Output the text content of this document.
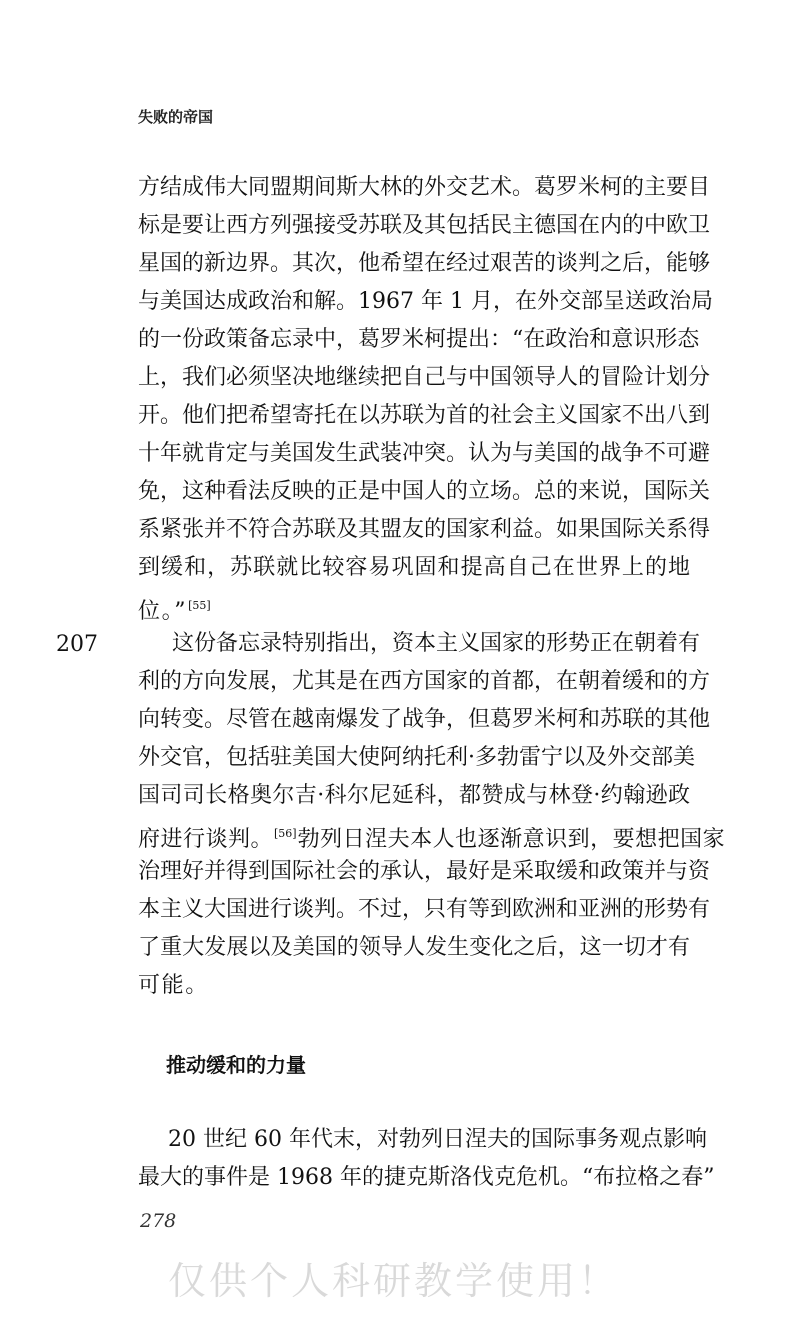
失败的帝国
方结成伟大同盟期间斯大林的外交艺术。葛罗米柯的主要目
标是要让西方列强接受苏联及其包括民主德国在内的中欧卫
星国的新边界。其次，他希望在经过艰苦的谈判之后，能够
与美国达成政治和解。1967 年 1 月，在外交部呈送政治局
的一份政策备忘录中，葛罗米柯提出：“在政治和意识形态
上，我们必须坚决地继续把自己与中国领导人的冒险计划分
开。他们把希望寄托在以苏联为首的社会主义国家不出八到
十年就肯定与美国发生武装冲突。认为与美国的战争不可避
免，这种看法反映的正是中国人的立场。总的来说，国际关
系紧张并不符合苏联及其盟友的国家利益。如果国际关系得
到缓和，苏联就比较容易巩固和提高自己在世界上的地
位。”[55]
207	这份备忘录特别指出，资本主义国家的形势正在朝着有
利的方向发展，尤其是在西方国家的首都，在朝着缓和的方
向转变。尽管在越南爆发了战争，但葛罗米柯和苏联的其他
外交官，包括驻美国大使阿纳托利·多勃雷宁以及外交部美
国司司长格奥尔吉·科尔尼延科，都赞成与林登·约翰逊政
府进行谈判。[56]勃列日涅夫本人也逐渐意识到，要想把国家
治理好并得到国际社会的承认，最好是采取缓和政策并与资
本主义大国进行谈判。不过，只有等到欧洲和亚洲的形势有
了重大发展以及美国的领导人发生变化之后，这一切才有
可能。
推动缓和的力量
20 世纪 60 年代末，对勃列日涅夫的国际事务观点影响
最大的事件是 1968 年的捷克斯洛伐克危机。“布拉格之春”
278
仅供个人科研教学使用！
